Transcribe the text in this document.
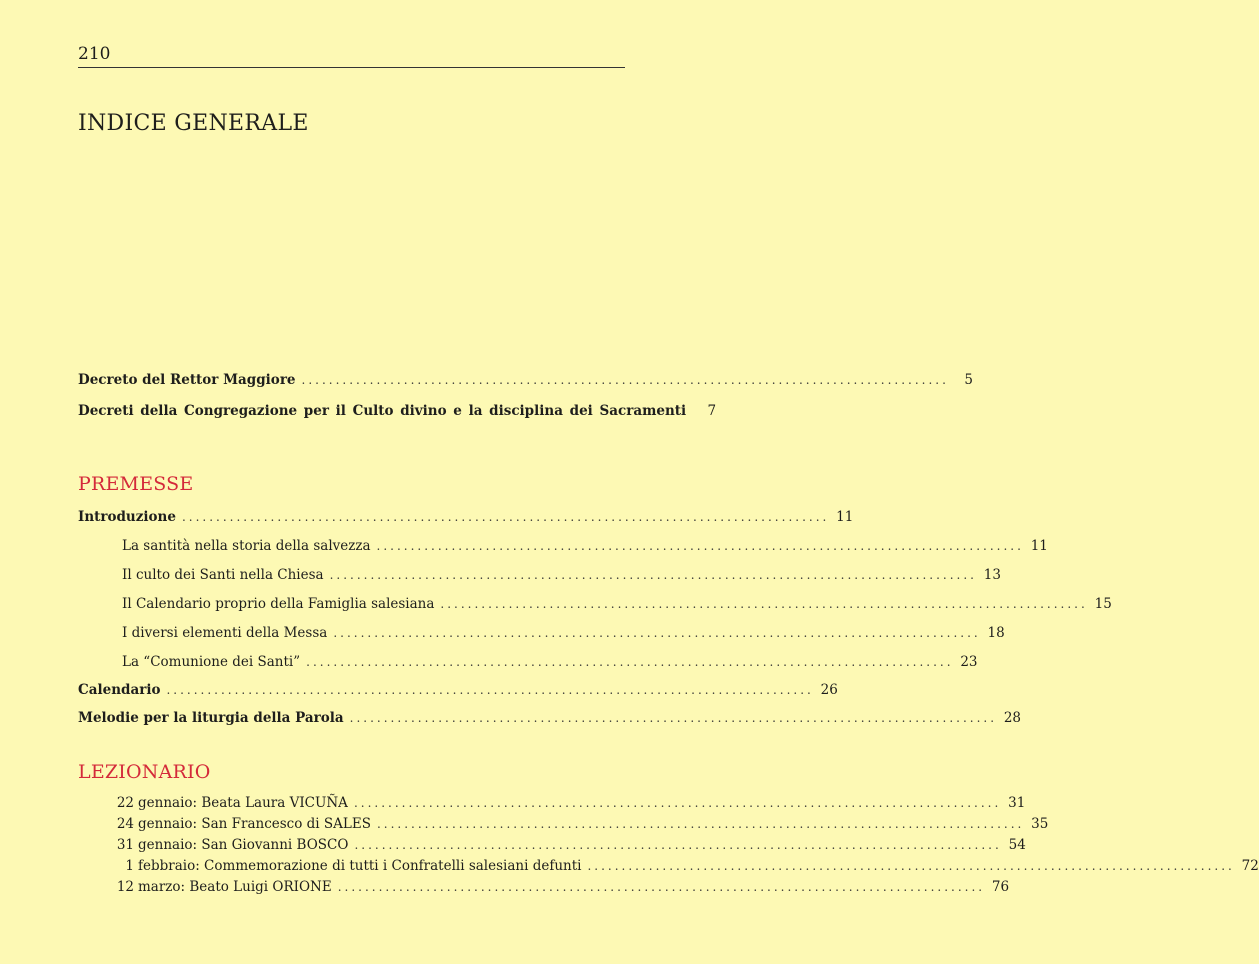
210
INDICE GENERALE
Decreto del Rettor Maggiore ...............................................................................................	5
Decreti della Congregazione per il Culto divino e la disciplina dei Sacramenti	7
PREMESSE
Introduzione ............................................................................................... 11
La santità nella storia della salvezza ............................................................................................... 11
Il culto dei Santi nella Chiesa ............................................................................................... 13
Il Calendario proprio della Famiglia salesiana ............................................................................................... 15
I diversi elementi della Messa ............................................................................................... 18
La “Comunione dei Santi” ............................................................................................... 23
Calendario ............................................................................................... 26
Melodie per la liturgia della Parola ............................................................................................... 28
LEZIONARIO
22 gennaio: Beata Laura VICUÑA ............................................................................................... 31
24 gennaio: San Francesco di SALES ............................................................................................... 35
31 gennaio: San Giovanni BOSCO ............................................................................................... 54
1 febbraio: Commemorazione di tutti i Confratelli salesiani defunti ............................................................................................... 72
12 marzo: Beato Luigi ORIONE ............................................................................................... 76
